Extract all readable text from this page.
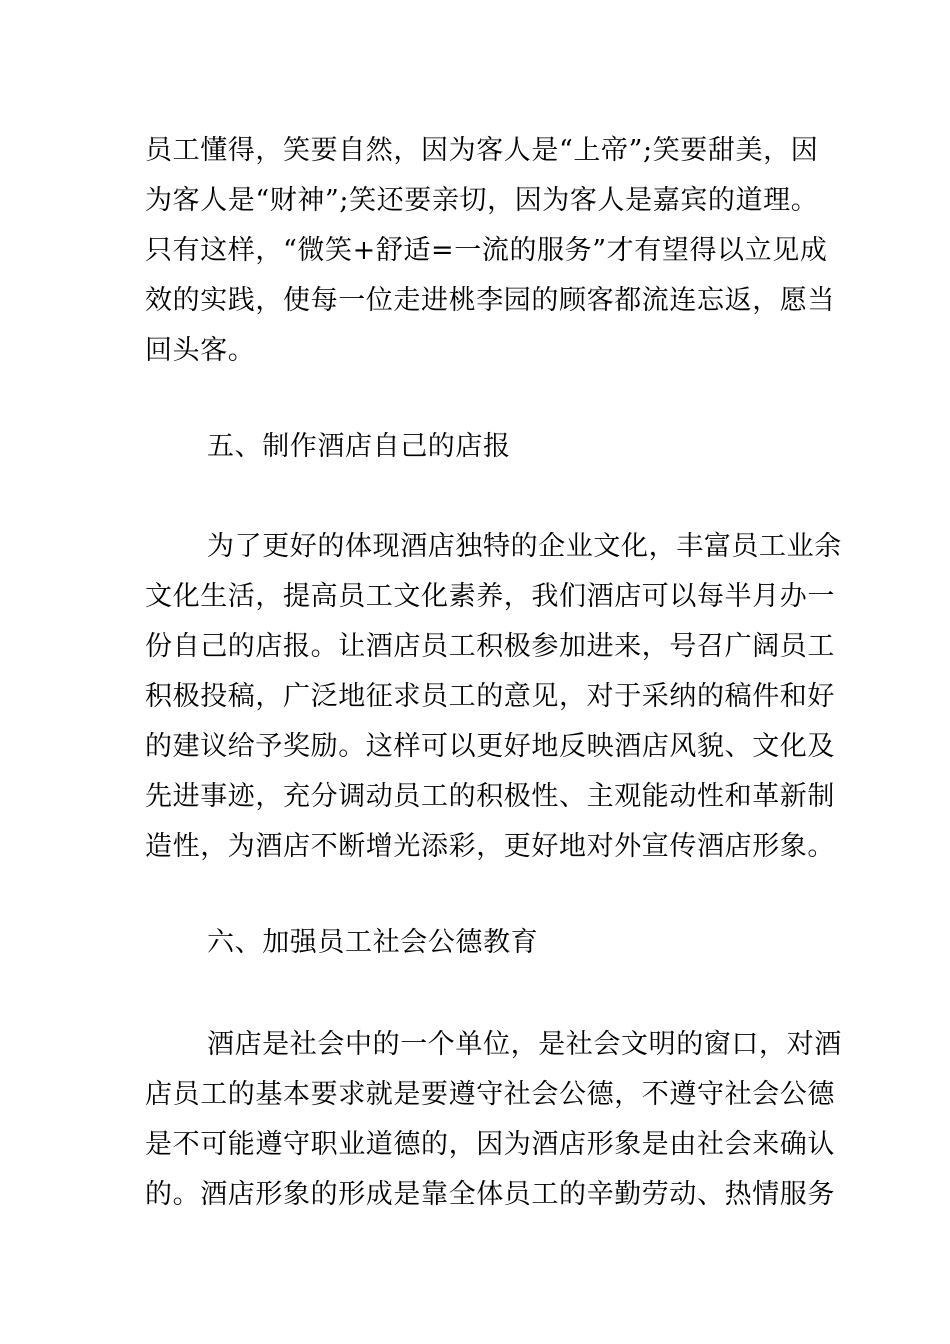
员工懂得，笑要自然，因为客人是“上帝”;笑要甜美，因
为客人是“财神”;笑还要亲切，因为客人是嘉宾的道理。
只有这样，“微笑+舒适=一流的服务”才有望得以立见成
效的实践，使每一位走进桃李园的顾客都流连忘返，愿当
回头客。
五、制作酒店自己的店报
为了更好的体现酒店独特的企业文化，丰富员工业余
文化生活，提高员工文化素养，我们酒店可以每半月办一
份自己的店报。让酒店员工积极参加进来，号召广阔员工
积极投稿，广泛地征求员工的意见，对于采纳的稿件和好
的建议给予奖励。这样可以更好地反映酒店风貌、文化及
先进事迹，充分调动员工的积极性、主观能动性和革新制
造性，为酒店不断增光添彩，更好地对外宣传酒店形象。
六、加强员工社会公德教育
酒店是社会中的一个单位，是社会文明的窗口，对酒
店员工的基本要求就是要遵守社会公德，不遵守社会公德
是不可能遵守职业道德的，因为酒店形象是由社会来确认
的。酒店形象的形成是靠全体员工的辛勤劳动、热情服务
